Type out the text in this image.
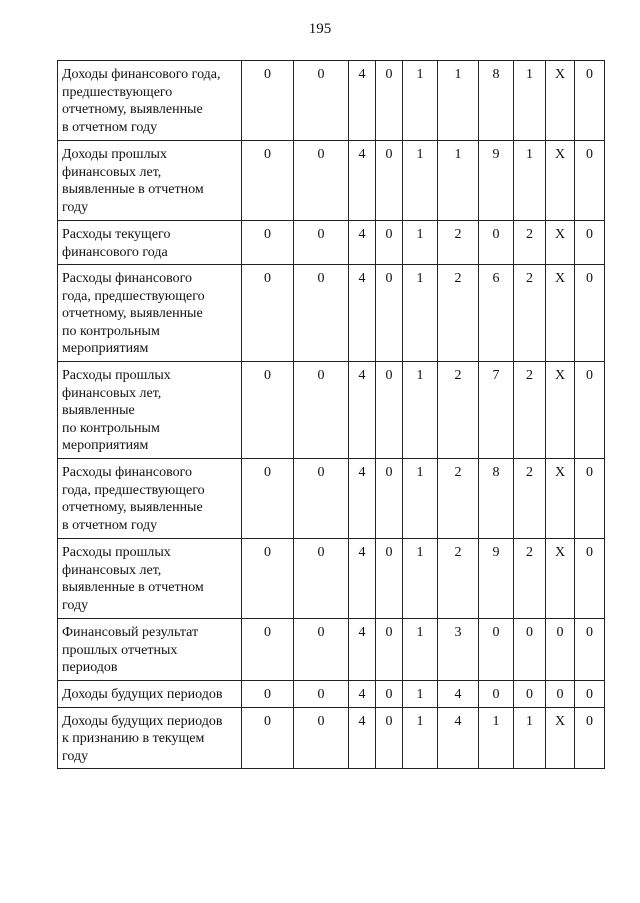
195
Доходы финансового года,
предшествующего
отчетному, выявленные
в отчетном году	0	0	4	0	1	1	8	1	X	0
Доходы прошлых
финансовых лет,
выявленные в отчетном
году	0	0	4	0	1	1	9	1	X	0
Расходы текущего
финансового года	0	0	4	0	1	2	0	2	X	0
Расходы финансового
года, предшествующего
отчетному, выявленные
по контрольным
мероприятиям	0	0	4	0	1	2	6	2	X	0
Расходы прошлых
финансовых лет,
выявленные
по контрольным
мероприятиям	0	0	4	0	1	2	7	2	X	0
Расходы финансового
года, предшествующего
отчетному, выявленные
в отчетном году	0	0	4	0	1	2	8	2	X	0
Расходы прошлых
финансовых лет,
выявленные в отчетном
году	0	0	4	0	1	2	9	2	X	0
Финансовый результат
прошлых отчетных
периодов	0	0	4	0	1	3	0	0	0	0
Доходы будущих периодов	0	0	4	0	1	4	0	0	0	0
Доходы будущих периодов
к признанию в текущем
году	0	0	4	0	1	4	1	1	X	0
